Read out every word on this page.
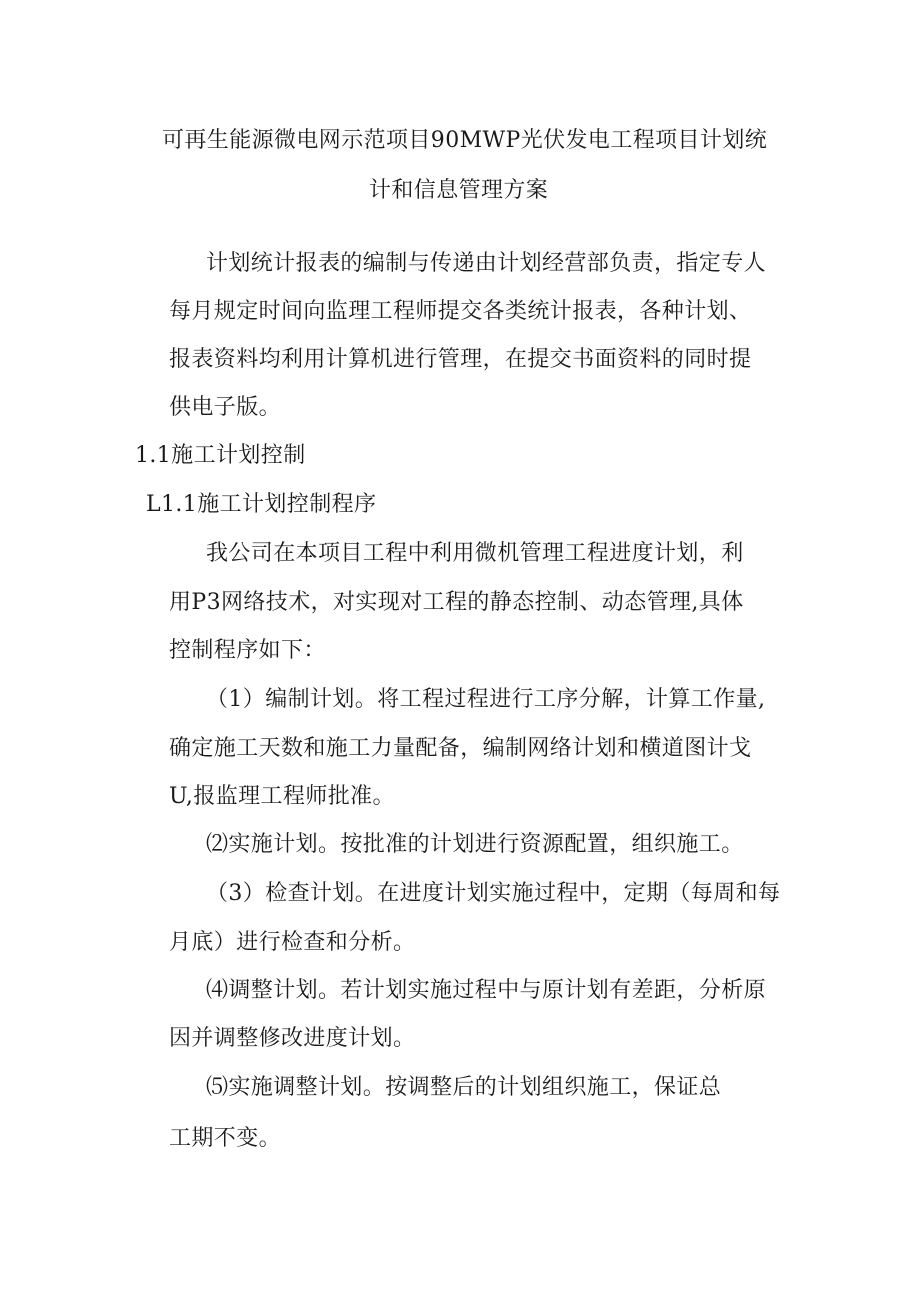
可再生能源微电网示范项目90MWP光伏发电工程项目计划统
计和信息管理方案
计划统计报表的编制与传递由计划经营部负责，指定专人
每月规定时间向监理工程师提交各类统计报表，各种计划、
报表资料均利用计算机进行管理，在提交书面资料的同时提
供电子版。
1.1施工计划控制
L1.1施工计划控制程序
我公司在本项目工程中利用微机管理工程进度计划，利
用P3网络技术，对实现对工程的静态控制、动态管理,具体
控制程序如下：
（1）编制计划。将工程过程进行工序分解，计算工作量,
确定施工天数和施工力量配备，编制网络计划和横道图计戈
U,报监理工程师批准。
⑵实施计划。按批准的计划进行资源配置，组织施工。
（3）检查计划。在进度计划实施过程中，定期（每周和每
月底）进行检查和分析。
⑷调整计划。若计划实施过程中与原计划有差距，分析原
因并调整修改进度计划。
⑸实施调整计划。按调整后的计划组织施工，保证总
工期不变。
